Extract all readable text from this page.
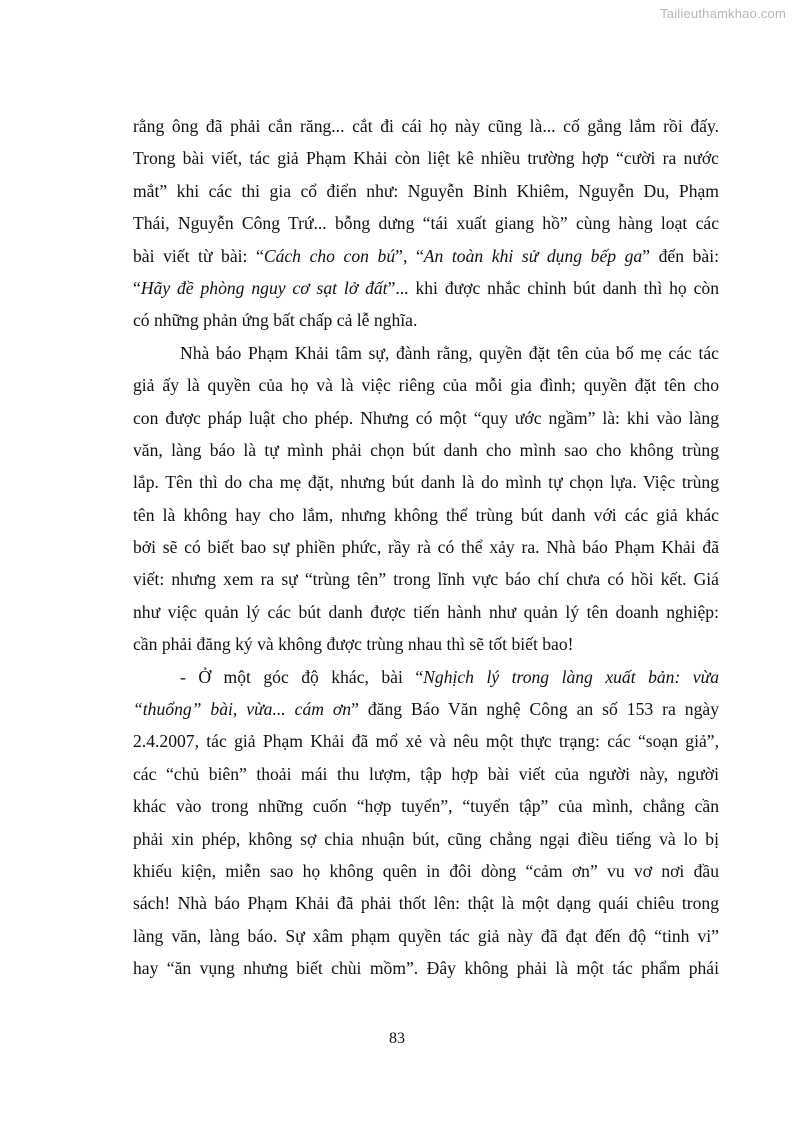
Tailieuthamkhao.com
rằng ông đã phải cắn răng... cắt đi cái họ này cũng là... cố gắng lắm rồi đấy.
Trong bài viết, tác giả Phạm Khải còn liệt kê nhiều trường hợp “cười ra nước
mắt” khi các thi gia cổ điển như: Nguyễn Bỉnh Khiêm, Nguyễn Du, Phạm
Thái, Nguyễn Công Trứ... bỗng dưng “tái xuất giang hồ” cùng hàng loạt các
bài viết từ bài: “Cách cho con bú”, “An toàn khi sử dụng bếp ga” đến bài:
“Hãy đề phòng nguy cơ sạt lở đất”... khi được nhắc chỉnh bút danh thì họ còn
có những phản ứng bất chấp cả lễ nghĩa.
Nhà báo Phạm Khải tâm sự, đành rằng, quyền đặt tên của bố mẹ các tác
giả ấy là quyền của họ và là việc riêng của mỗi gia đình; quyền đặt tên cho
con được pháp luật cho phép. Nhưng có một “quy ước ngầm” là: khi vào làng
văn, làng báo là tự mình phải chọn bút danh cho mình sao cho không trùng
lắp. Tên thì do cha mẹ đặt, nhưng bút danh là do mình tự chọn lựa. Việc trùng
tên là không hay cho lắm, nhưng không thể trùng bút danh với các giả khác
bởi sẽ có biết bao sự phiền phức, rầy rà có thể xảy ra. Nhà báo Phạm Khải đã
viết: nhưng xem ra sự “trùng tên” trong lĩnh vực báo chí chưa có hồi kết. Giá
như việc quản lý các bút danh được tiến hành như quản lý tên doanh nghiệp:
cần phải đăng ký và không được trùng nhau thì sẽ tốt biết bao!
- Ở một góc độ khác, bài “Nghịch lý trong làng xuất bản: vừa
“thuổng” bài, vừa... cám ơn” đăng Báo Văn nghệ Công an số 153 ra ngày
2.4.2007, tác giả Phạm Khải đã mổ xẻ và nêu một thực trạng: các “soạn giả”,
các “chủ biên” thoải mái thu lượm, tập hợp bài viết của người này, người
khác vào trong những cuốn “hợp tuyển”, “tuyển tập” của mình, chẳng cần
phải xin phép, không sợ chia nhuận bút, cũng chẳng ngại điều tiếng và lo bị
khiếu kiện, miễn sao họ không quên in đôi dòng “cảm ơn” vu vơ nơi đầu
sách! Nhà báo Phạm Khải đã phải thốt lên: thật là một dạng quái chiêu trong
làng văn, làng báo. Sự xâm phạm quyền tác giả này đã đạt đến độ “tinh vi”
hay “ăn vụng nhưng biết chùi mồm”. Đây không phải là một tác phẩm phái
83
